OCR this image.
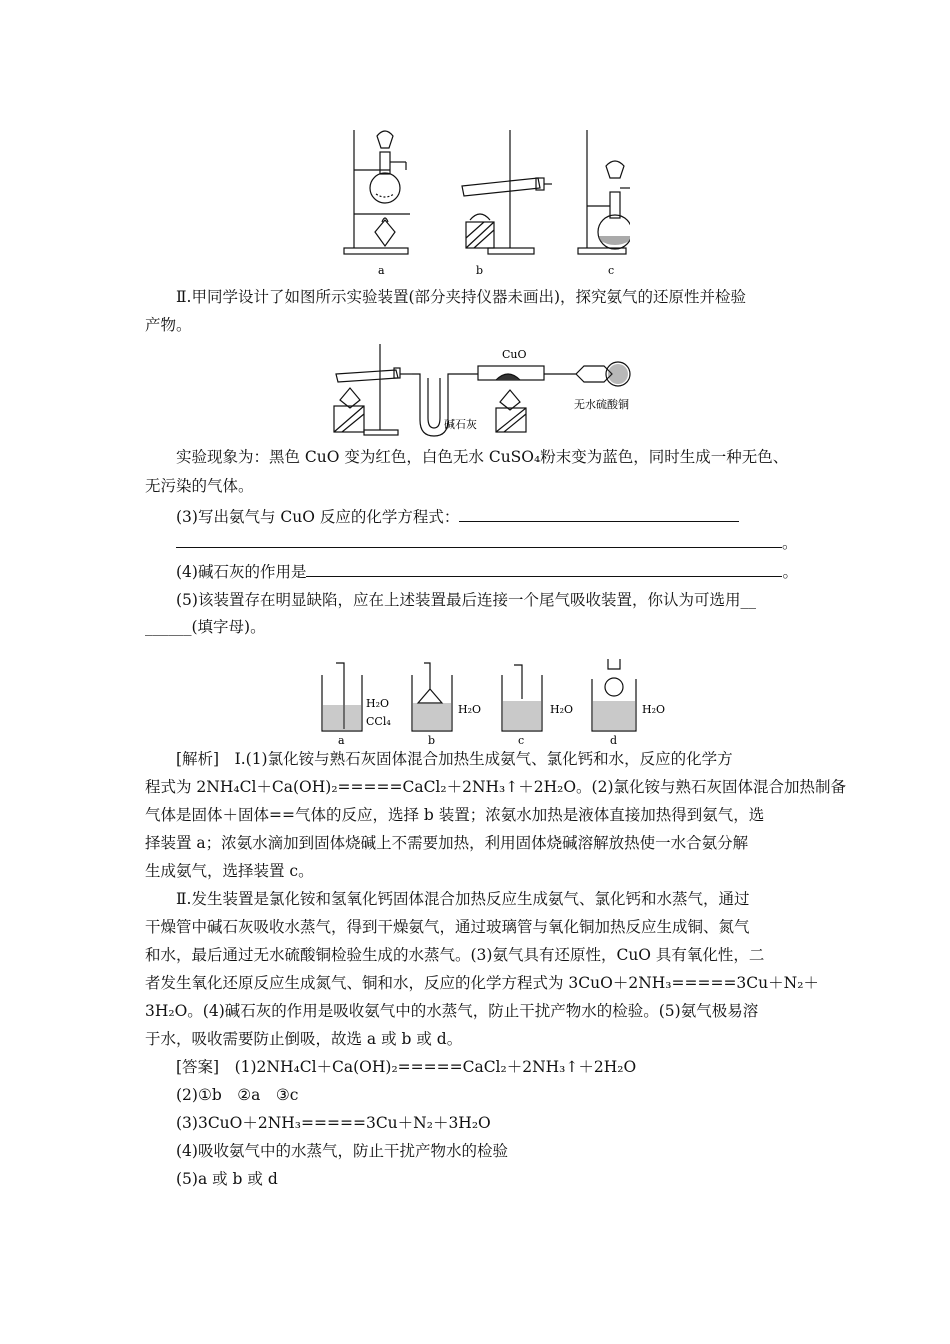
a	b	c
Ⅱ.甲同学设计了如图所示实验装置(部分夹持仪器未画出)，探究氨气的还原性并检验
产物。
CuO
碱石灰
无水硫酸铜
实验现象为：黑色 CuO 变为红色，白色无水 CuSO₄粉末变为蓝色，同时生成一种无色、
无污染的气体。
(3)写出氨气与 CuO 反应的化学方程式：
。
(4)碱石灰的作用是	。
(5)该装置存在明显缺陷，应在上述装置最后连接一个尾气吸收装置，你认为可选用__
______(填字母)。
H₂O
CCl₄
H₂O	H₂O	H₂O
a	b	c	d
[解析]　Ⅰ.(1)氯化铵与熟石灰固体混合加热生成氨气、氯化钙和水，反应的化学方
程式为 2NH₄Cl＋Ca(OH)₂=====CaCl₂＋2NH₃↑＋2H₂O。(2)氯化铵与熟石灰固体混合加热制备
气体是固体＋固体==气体的反应，选择 b 装置；浓氨水加热是液体直接加热得到氨气，选
择装置 a；浓氨水滴加到固体烧碱上不需要加热，利用固体烧碱溶解放热使一水合氨分解
生成氨气，选择装置 c。
Ⅱ.发生装置是氯化铵和氢氧化钙固体混合加热反应生成氨气、氯化钙和水蒸气，通过
干燥管中碱石灰吸收水蒸气，得到干燥氨气，通过玻璃管与氧化铜加热反应生成铜、氮气
和水，最后通过无水硫酸铜检验生成的水蒸气。(3)氨气具有还原性，CuO 具有氧化性，二
者发生氧化还原反应生成氮气、铜和水，反应的化学方程式为 3CuO＋2NH₃=====3Cu＋N₂＋
3H₂O。(4)碱石灰的作用是吸收氨气中的水蒸气，防止干扰产物水的检验。(5)氨气极易溶
于水，吸收需要防止倒吸，故选 a 或 b 或 d。
[答案]　(1)2NH₄Cl＋Ca(OH)₂=====CaCl₂＋2NH₃↑＋2H₂O
(2)①b　②a　③c
(3)3CuO＋2NH₃=====3Cu＋N₂＋3H₂O
(4)吸收氨气中的水蒸气，防止干扰产物水的检验
(5)a 或 b 或 d
